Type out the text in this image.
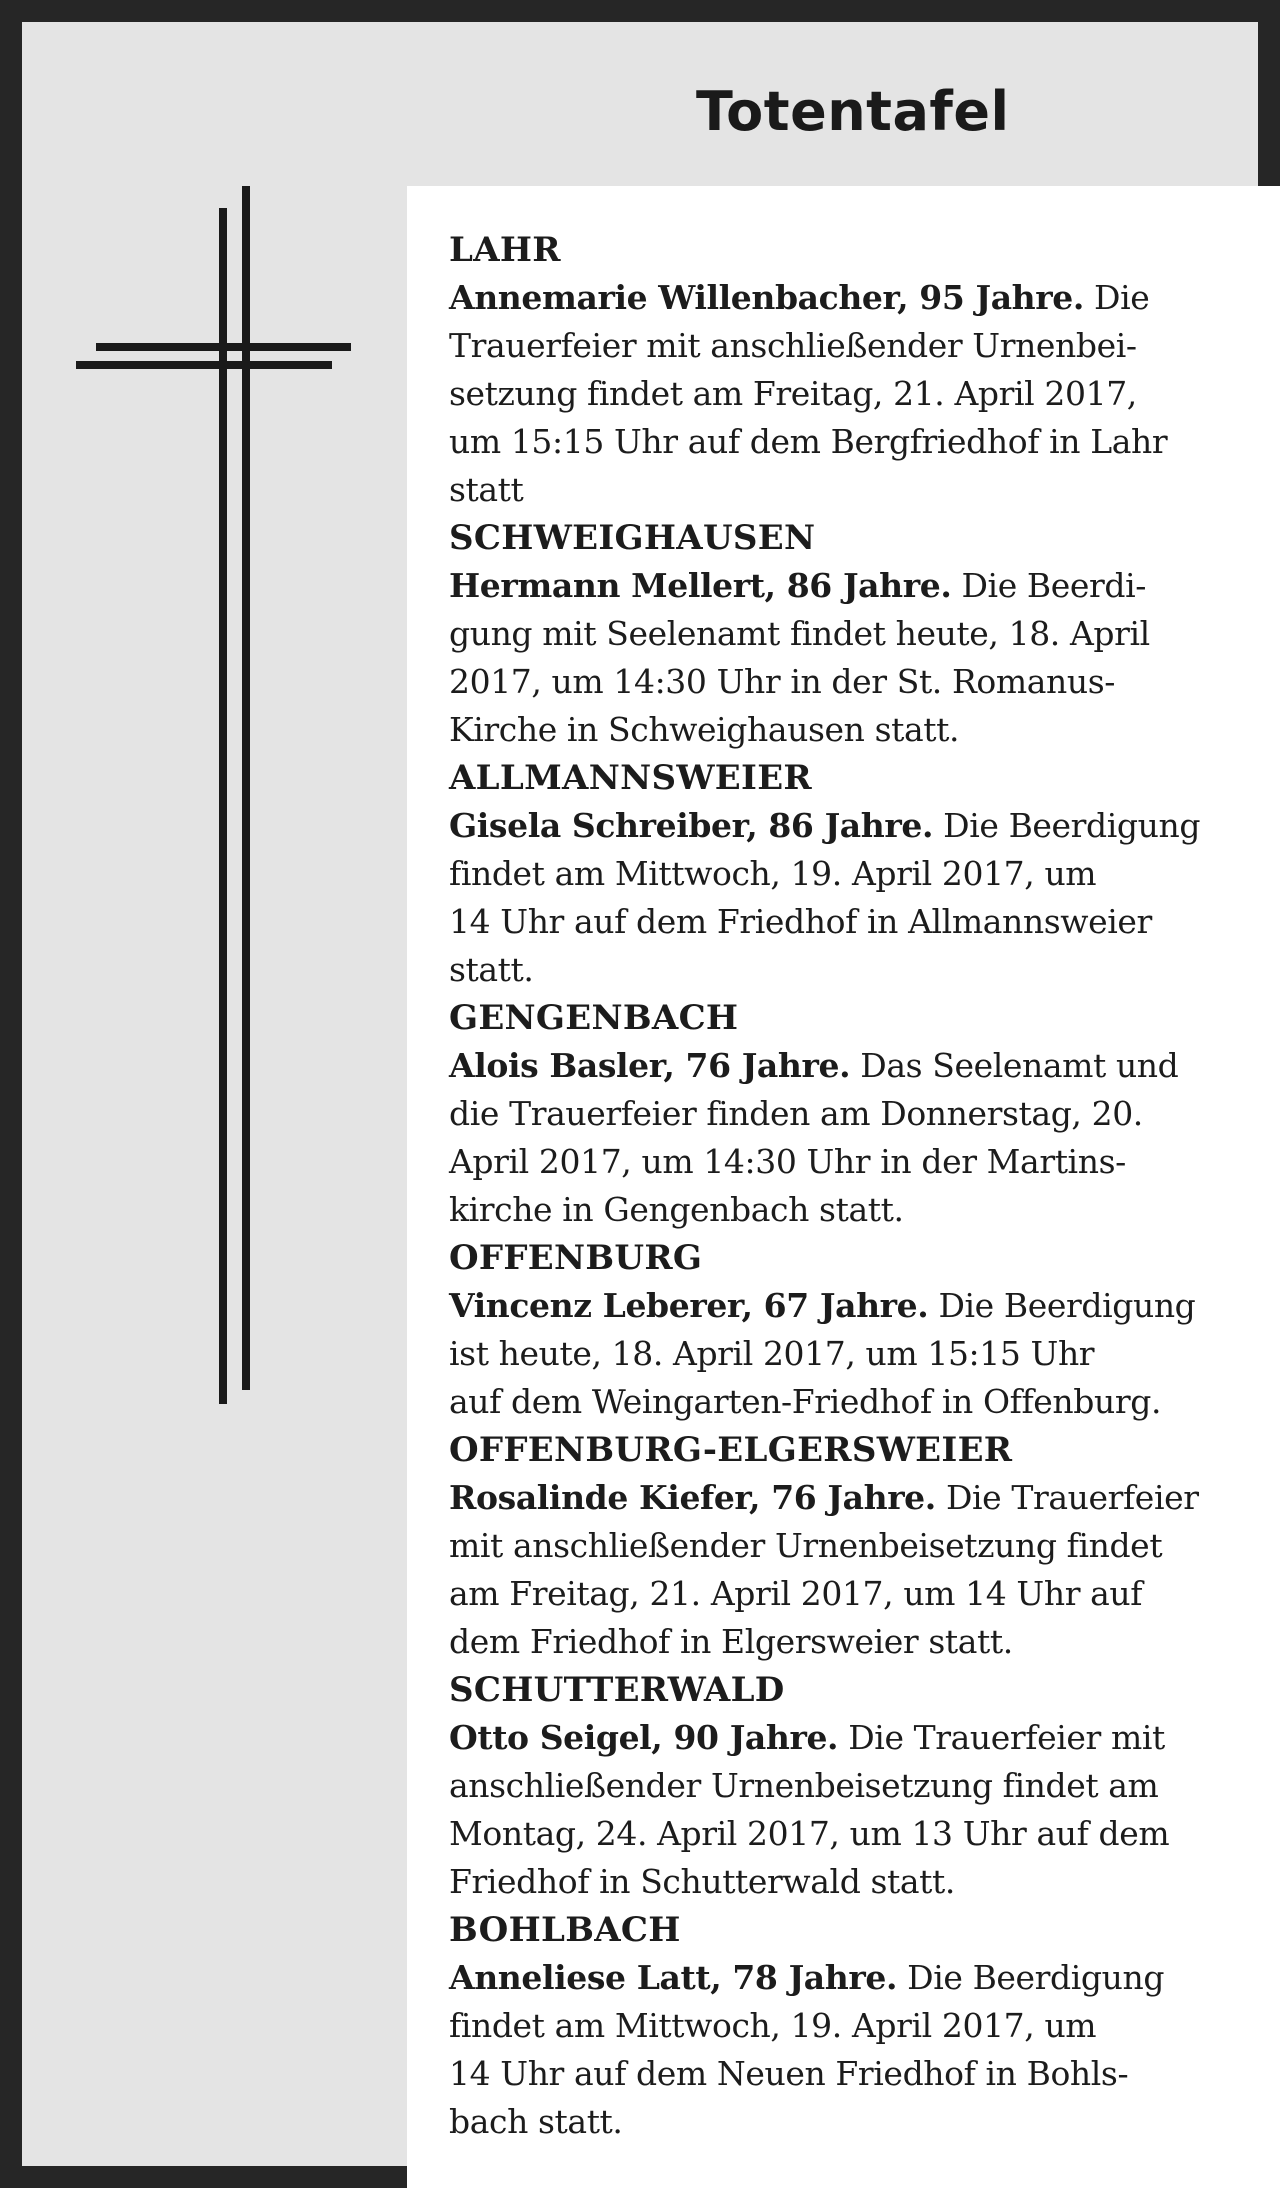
Totentafel

LAHR

Annemarie Willenbacher, 95 Jahre. Die
Trauerfeier mit anschließender Urnenbei-
setzung findet am Freitag, 21. April 2017,
um 15:15 Uhr auf dem Bergfriedhof in Lahr
statt

SCHWEIGHAUSEN

Hermann Mellert, 86 Jahre. Die Beerdi-
gung mit Seelenamt findet heute, 18. April
2017, um 14:30 Uhr in der St. Romanus-
Kirche in Schweighausen statt.

ALLMANNSWEIER

Gisela Schreiber, 86 Jahre. Die Beerdigung
findet am Mittwoch, 19. April 2017, um
14 Uhr auf dem Friedhof in Allmannsweier
statt.

GENGENBACH

Alois Basler, 76 Jahre. Das Seelenamt und
die Trauerfeier finden am Donnerstag, 20.
April 2017, um 14:30 Uhr in der Martins-
kirche in Gengenbach statt.

OFFENBURG

Vincenz Leberer, 67 Jahre. Die Beerdigung
ist heute, 18. April 2017, um 15:15 Uhr
auf dem Weingarten-Friedhof in Offenburg.

OFFENBURG-ELGERSWEIER

Rosalinde Kiefer, 76 Jahre. Die Trauerfeier
mit anschließender Urnenbeisetzung findet
am Freitag, 21. April 2017, um 14 Uhr auf
dem Friedhof in Elgersweier statt.

SCHUTTERWALD

Otto Seigel, 90 Jahre. Die Trauerfeier mit
anschließender Urnenbeisetzung findet am
Montag, 24. April 2017, um 13 Uhr auf dem
Friedhof in Schutterwald statt.

BOHLBACH

Anneliese Latt, 78 Jahre. Die Beerdigung
findet am Mittwoch, 19. April 2017, um
14 Uhr auf dem Neuen Friedhof in Bohls-
bach statt.
